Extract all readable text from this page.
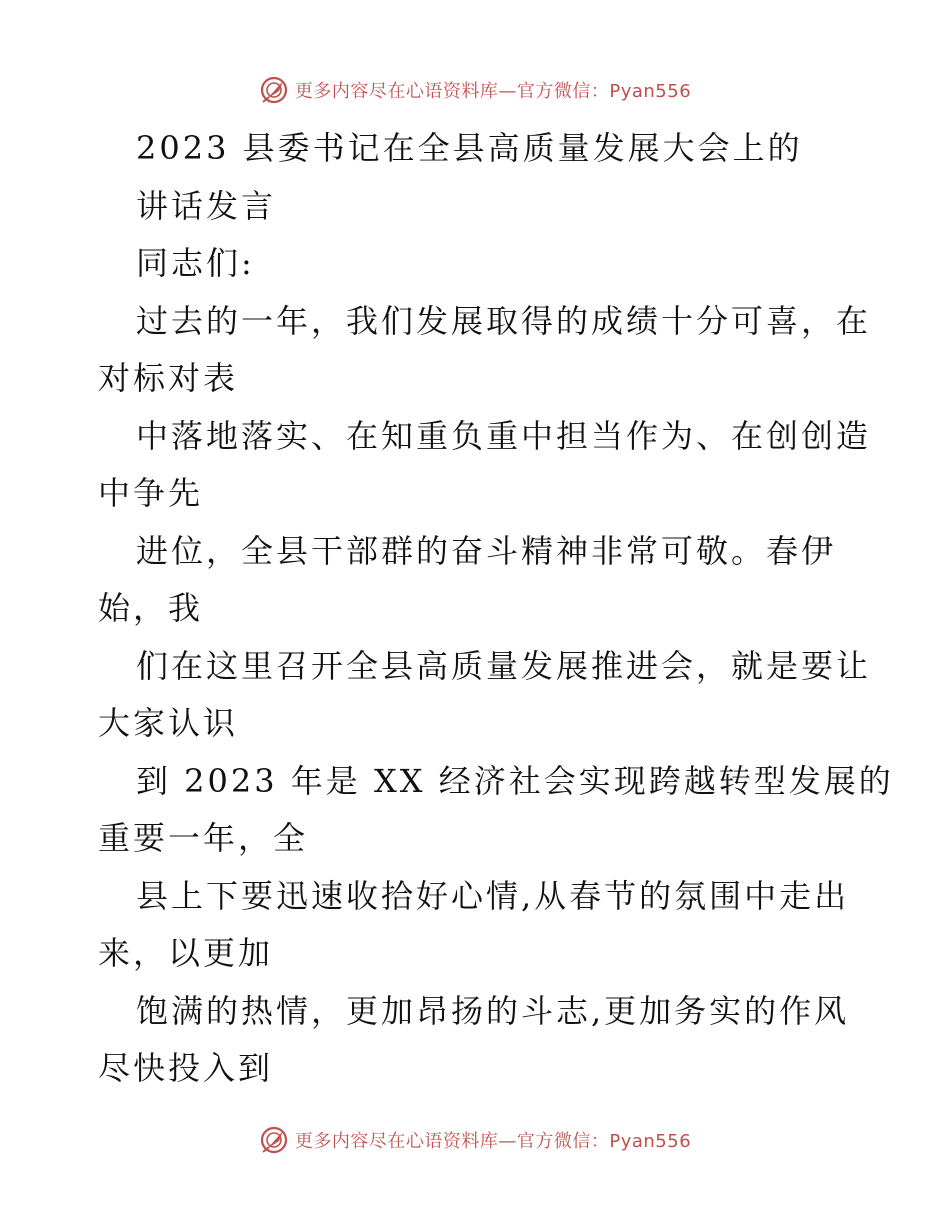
更多内容尽在心语资料库—官方微信：Pyan556
2023 县委书记在全县高质量发展大会上的
讲话发言
同志们:
过去的一年，我们发展取得的成绩十分可喜，在
对标对表
中落地落实、在知重负重中担当作为、在创创造
中争先
进位，全县干部群的奋斗精神非常可敬。春伊
始，我
们在这里召开全县高质量发展推进会，就是要让
大家认识
到 2023 年是 XX 经济社会实现跨越转型发展的
重要一年，全
县上下要迅速收拾好心情,从春节的氛围中走出
来，以更加
饱满的热情，更加昂扬的斗志,更加务实的作风
尽快投入到
更多内容尽在心语资料库—官方微信：Pyan556
